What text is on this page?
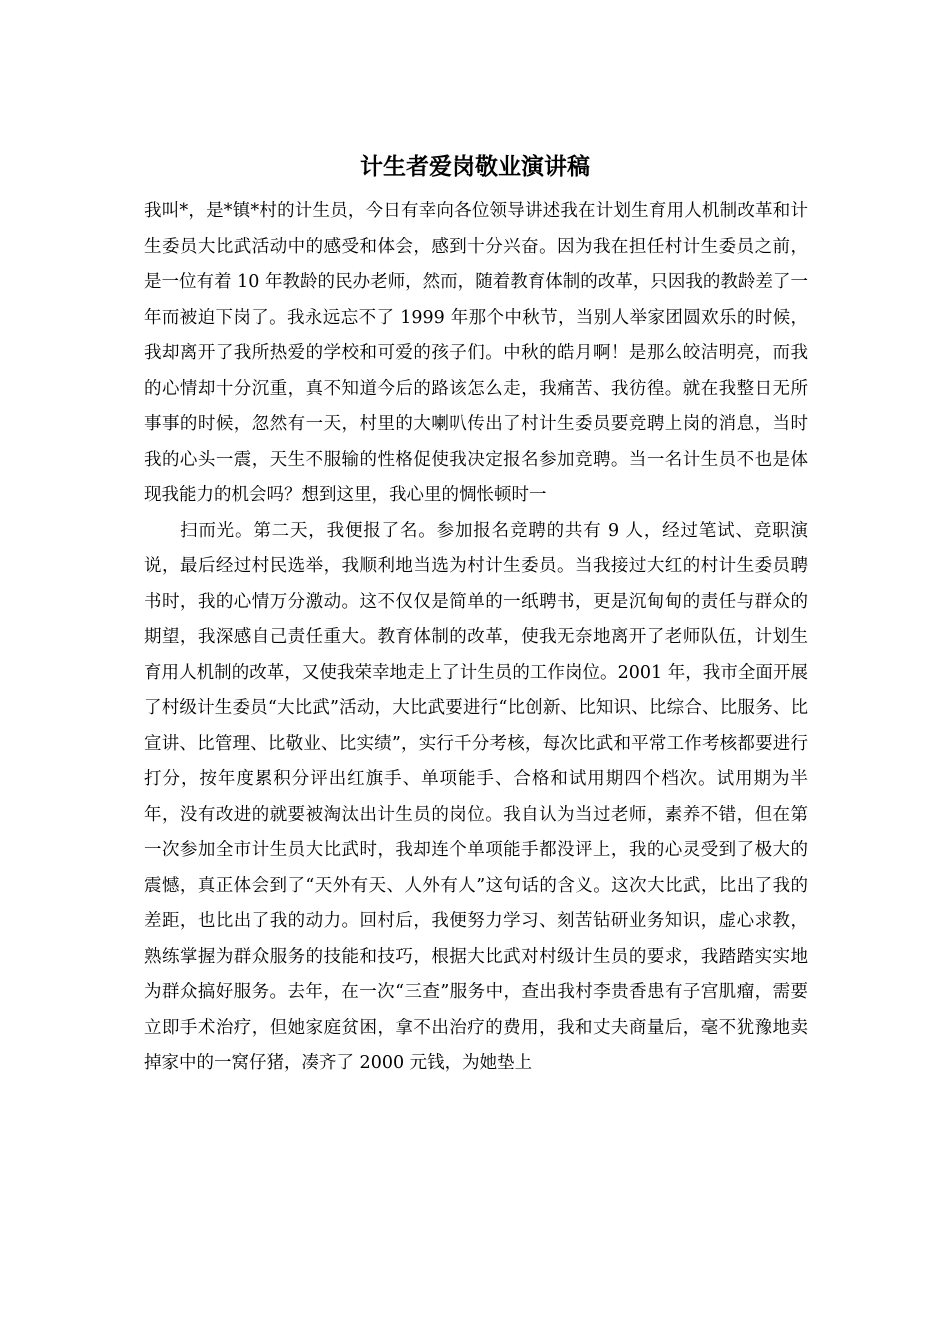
计生者爱岗敬业演讲稿

我叫*，是*镇*村的计生员，今日有幸向各位领导讲述我在计划生育用人机制改革和计生委员大比武活动中的感受和体会，感到十分兴奋。因为我在担任村计生委员之前，是一位有着 10 年教龄的民办老师，然而，随着教育体制的改革，只因我的教龄差了一年而被迫下岗了。我永远忘不了 1999 年那个中秋节，当别人举家团圆欢乐的时候，我却离开了我所热爱的学校和可爱的孩子们。中秋的皓月啊！是那么皎洁明亮，而我的心情却十分沉重，真不知道今后的路该怎么走，我痛苦、我彷徨。就在我整日无所事事的时候，忽然有一天，村里的大喇叭传出了村计生委员要竞聘上岗的消息，当时我的心头一震，天生不服输的性格促使我决定报名参加竞聘。当一名计生员不也是体现我能力的机会吗？想到这里，我心里的惆怅顿时一

扫而光。第二天，我便报了名。参加报名竞聘的共有 9 人，经过笔试、竞职演说，最后经过村民选举，我顺利地当选为村计生委员。当我接过大红的村计生委员聘书时，我的心情万分激动。这不仅仅是简单的一纸聘书，更是沉甸甸的责任与群众的期望，我深感自己责任重大。教育体制的改革，使我无奈地离开了老师队伍，计划生育用人机制的改革，又使我荣幸地走上了计生员的工作岗位。2001 年，我市全面开展了村级计生委员“大比武”活动，大比武要进行“比创新、比知识、比综合、比服务、比宣讲、比管理、比敬业、比实绩”，实行千分考核，每次比武和平常工作考核都要进行打分，按年度累积分评出红旗手、单项能手、合格和试用期四个档次。试用期为半年，没有改进的就要被淘汰出计生员的岗位。我自认为当过老师，素养不错，但在第一次参加全市计生员大比武时，我却连个单项能手都没评上，我的心灵受到了极大的震憾，真正体会到了“天外有天、人外有人”这句话的含义。这次大比武，比出了我的差距，也比出了我的动力。回村后，我便努力学习、刻苦钻研业务知识，虚心求教，熟练掌握为群众服务的技能和技巧，根据大比武对村级计生员的要求，我踏踏实实地为群众搞好服务。去年，在一次“三查”服务中，查出我村李贵香患有子宫肌瘤，需要立即手术治疗，但她家庭贫困，拿不出治疗的费用，我和丈夫商量后，毫不犹豫地卖掉家中的一窝仔猪，凑齐了 2000 元钱，为她垫上
